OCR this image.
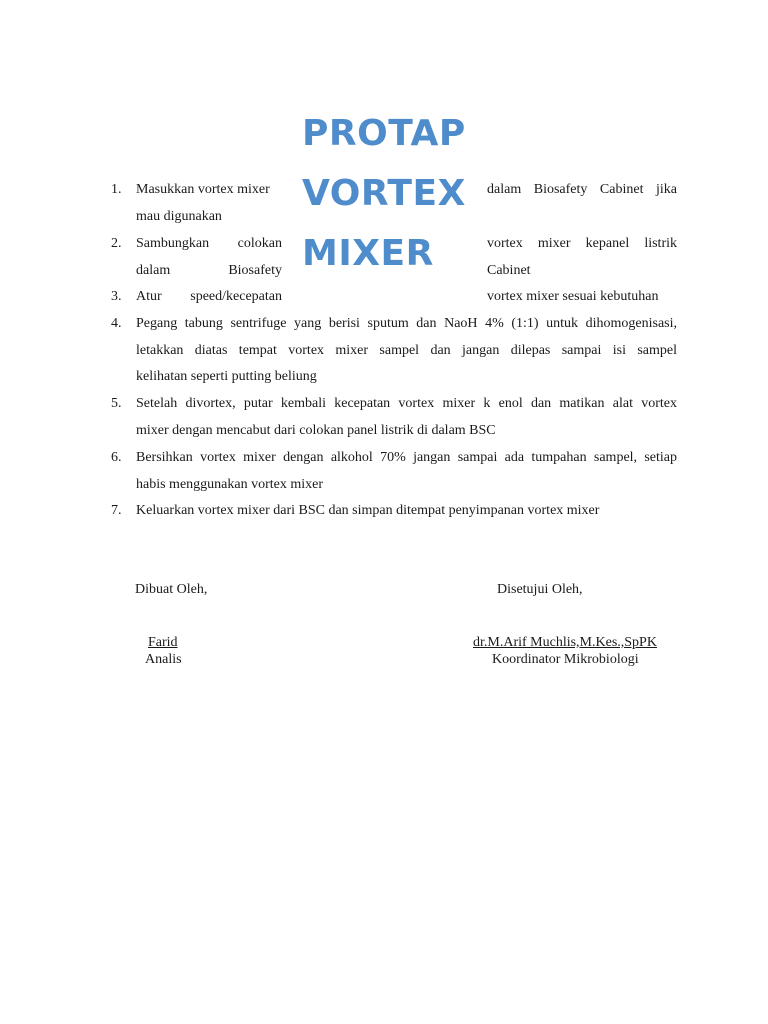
PROTAP
VORTEX
MIXER
1. Masukkan vortex mixer	dalam Biosafety Cabinet jika
mau digunakan
2. Sambungkan colokan	vortex mixer kepanel listrik
dalam Biosafety	Cabinet
3. Atur speed/kecepatan	vortex mixer sesuai kebutuhan
4. Pegang tabung sentrifuge yang berisi sputum dan NaoH 4% (1:1) untuk dihomogenisasi,
letakkan diatas tempat vortex mixer sampel dan jangan dilepas sampai isi sampel
kelihatan seperti putting beliung
5. Setelah divortex, putar kembali kecepatan vortex mixer k enol dan matikan alat vortex
mixer dengan mencabut dari colokan panel listrik di dalam BSC
6. Bersihkan vortex mixer dengan alkohol 70% jangan sampai ada tumpahan sampel, setiap
habis menggunakan vortex mixer
7. Keluarkan vortex mixer dari BSC dan simpan ditempat penyimpanan vortex mixer
Dibuat Oleh,
Farid
Analis
Disetujui Oleh,
dr.M.Arif Muchlis,M.Kes.,SpPK
Koordinator Mikrobiologi
